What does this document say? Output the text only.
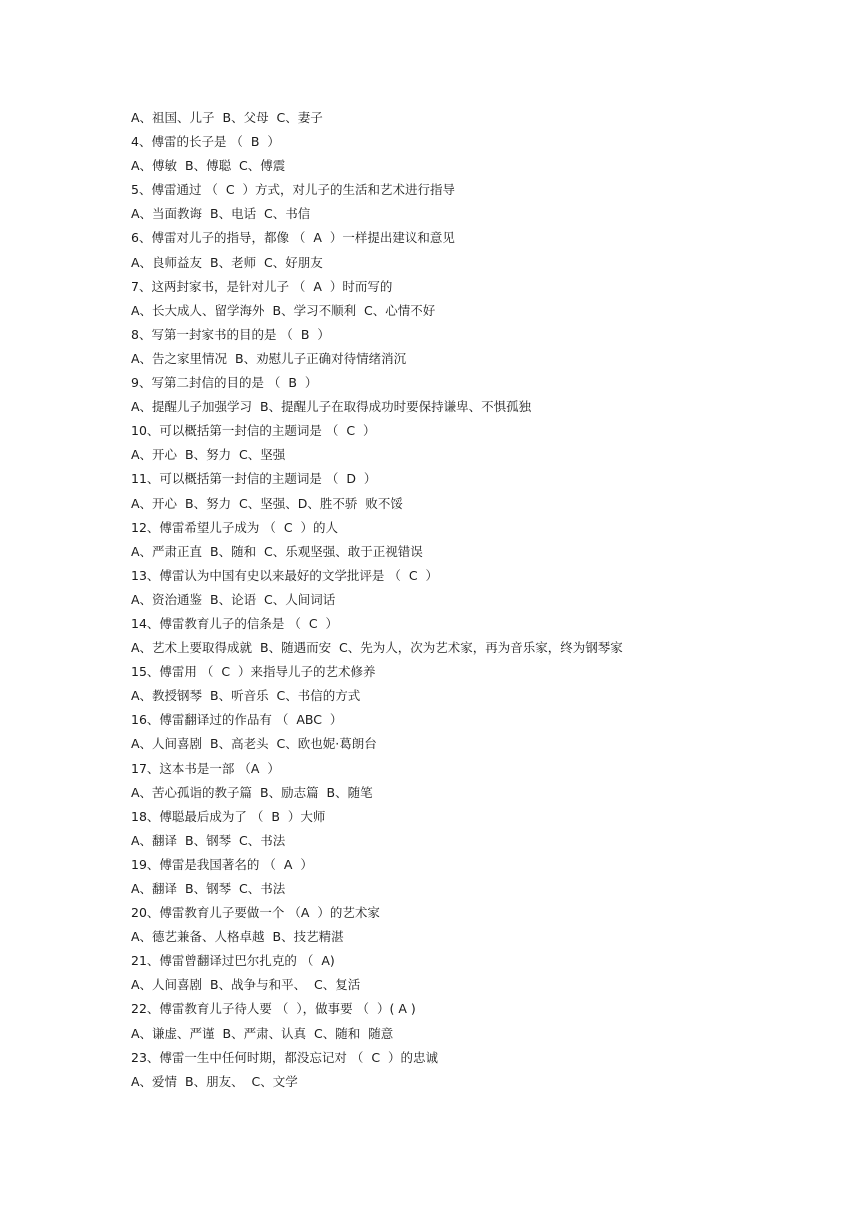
A、祖国、儿子  B、父母  C、妻子
4、傅雷的长子是 （  B  ）
A、傅敏  B、傅聪  C、傅震
5、傅雷通过 （  C  ）方式，对儿子的生活和艺术进行指导
A、当面教诲  B、电话  C、书信
6、傅雷对儿子的指导，都像 （  A  ）一样提出建议和意见
A、良师益友  B、老师  C、好朋友
7、这两封家书，是针对儿子 （  A  ）时而写的
A、长大成人、留学海外  B、学习不顺利  C、心情不好
8、写第一封家书的目的是 （  B  ）
A、告之家里情况  B、劝慰儿子正确对待情绪消沉
9、写第二封信的目的是 （  B  ）
A、提醒儿子加强学习  B、提醒儿子在取得成功时要保持谦卑、不惧孤独
10、可以概括第一封信的主题词是 （  C  ）
A、开心  B、努力  C、坚强
11、可以概括第一封信的主题词是 （  D  ）
A、开心  B、努力  C、坚强、D、胜不骄  败不馁
12、傅雷希望儿子成为 （  C  ）的人
A、严肃正直  B、随和  C、乐观坚强、敢于正视错误
13、傅雷认为中国有史以来最好的文学批评是 （  C  ）
A、资治通鉴  B、论语  C、人间词话
14、傅雷教育儿子的信条是 （  C  ）
A、艺术上要取得成就  B、随遇而安  C、先为人，次为艺术家，再为音乐家，终为钢琴家
15、傅雷用 （  C  ）来指导儿子的艺术修养
A、教授钢琴  B、听音乐  C、书信的方式
16、傅雷翻译过的作品有 （  ABC  ）
A、人间喜剧  B、高老头  C、欧也妮·葛朗台
17、这本书是一部 （A  ）
A、苦心孤诣的教子篇  B、励志篇  B、随笔
18、傅聪最后成为了 （  B  ）大师
A、翻译  B、钢琴  C、书法
19、傅雷是我国著名的 （  A  ）
A、翻译  B、钢琴  C、书法
20、傅雷教育儿子要做一个 （A  ）的艺术家
A、德艺兼备、人格卓越  B、技艺精湛
21、傅雷曾翻译过巴尔扎克的 （  A)
A、人间喜剧  B、战争与和平、  C、复活
22、傅雷教育儿子待人要 （  ），做事要 （  ）( A )
A、谦虚、严谨  B、严肃、认真  C、随和  随意
23、傅雷一生中任何时期，都没忘记对 （  C  ）的忠诚
A、爱情  B、朋友、  C、文学
